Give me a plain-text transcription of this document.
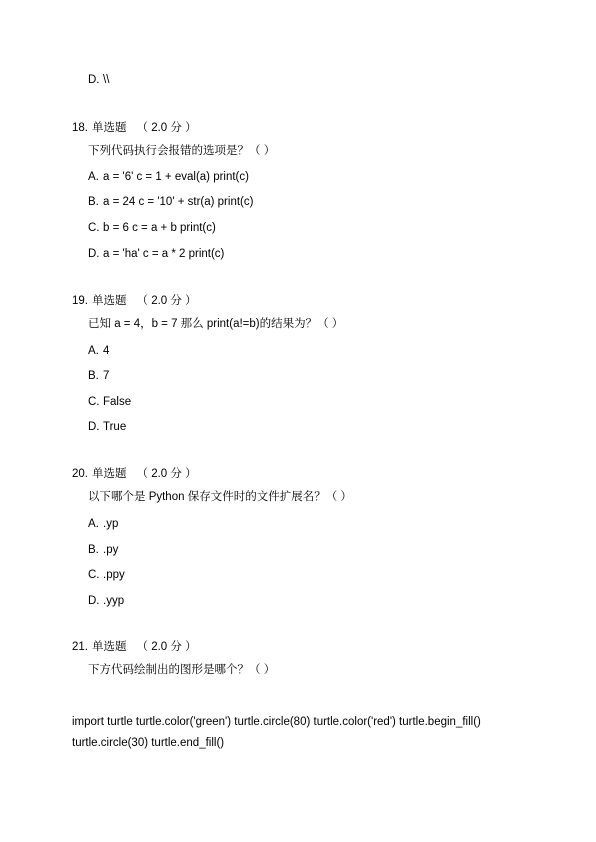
D. \\
18. 单选题 （ 2.0 分 ）
下列代码执行会报错的选项是？（ ）
A. a = '6' c = 1 + eval(a) print(c)
B. a = 24 c = '10' + str(a) print(c)
C. b = 6 c = a + b print(c)
D. a = 'ha' c = a * 2 print(c)
19. 单选题 （ 2.0 分 ）
已知 a = 4，b = 7 那么 print(a!=b)的结果为？（ ）
A. 4
B. 7
C. False
D. True
20. 单选题 （ 2.0 分 ）
以下哪个是 Python 保存文件时的文件扩展名？（ ）
A. .yp
B. .py
C. .ppy
D. .yyp
21. 单选题 （ 2.0 分 ）
下方代码绘制出的图形是哪个？（ ）
import turtle turtle.color('green') turtle.circle(80) turtle.color('red') turtle.begin_fill()
turtle.circle(30) turtle.end_fill()
